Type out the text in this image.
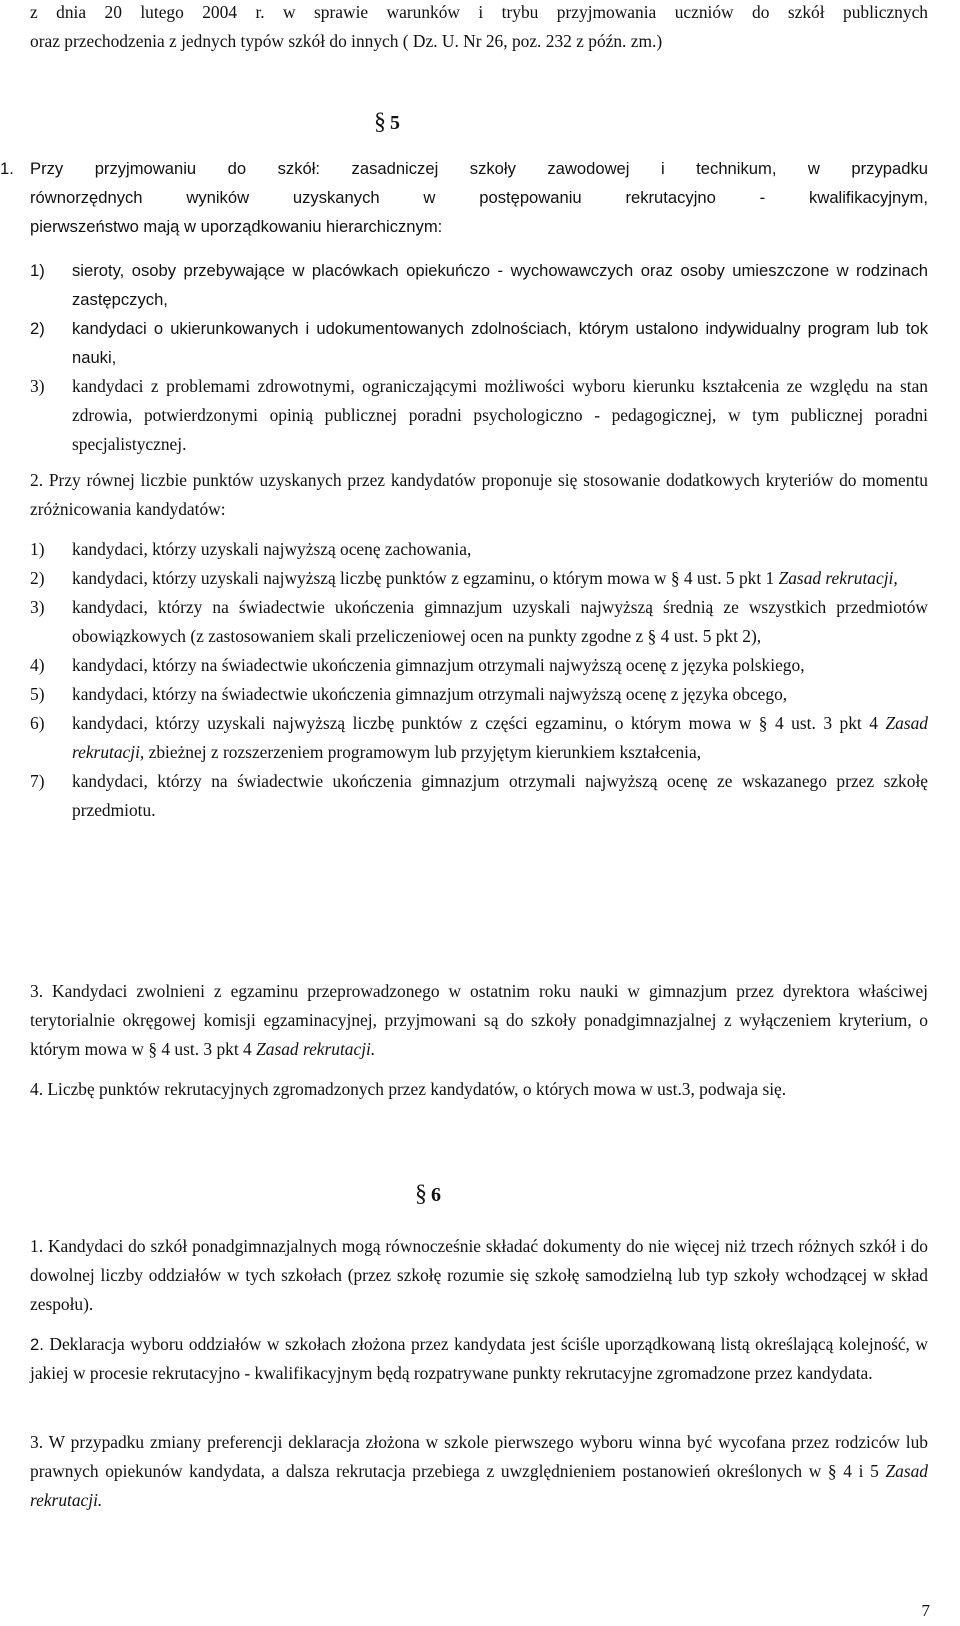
z dnia 20 lutego 2004 r. w sprawie warunków i trybu przyjmowania uczniów do szkół publicznych
oraz przechodzenia z jednych typów szkół do innych ( Dz. U. Nr 26, poz. 232 z późn. zm.)
§ 5
1. Przy przyjmowaniu do szkół: zasadniczej szkoły zawodowej i technikum, w przypadku
równorzędnych wyników uzyskanych w postępowaniu rekrutacyjno - kwalifikacyjnym,
pierwszeństwo mają w uporządkowaniu hierarchicznym:
1) sieroty, osoby przebywające w placówkach opiekuńczo - wychowawczych oraz osoby umieszczone w rodzinach zastępczych,
2) kandydaci o ukierunkowanych i udokumentowanych zdolnościach, którym ustalono indywidualny program lub tok nauki,
3) kandydaci z problemami zdrowotnymi, ograniczającymi możliwości wyboru kierunku kształcenia ze względu na stan zdrowia, potwierdzonymi opinią publicznej poradni psychologiczno - pedagogicznej, w tym publicznej poradni specjalistycznej.
2. Przy równej liczbie punktów uzyskanych przez kandydatów proponuje się stosowanie dodatkowych kryteriów do momentu zróżnicowania kandydatów:
1) kandydaci, którzy uzyskali najwyższą ocenę zachowania,
2) kandydaci, którzy uzyskali najwyższą liczbę punktów z egzaminu, o którym mowa w § 4 ust. 5 pkt 1 Zasad rekrutacji,
3) kandydaci, którzy na świadectwie ukończenia gimnazjum uzyskali najwyższą średnią ze wszystkich przedmiotów obowiązkowych (z zastosowaniem skali przeliczeniowej ocen na punkty zgodne z § 4 ust. 5 pkt 2),
4) kandydaci, którzy na świadectwie ukończenia gimnazjum otrzymali najwyższą ocenę z języka polskiego,
5) kandydaci, którzy na świadectwie ukończenia gimnazjum otrzymali najwyższą ocenę z języka obcego,
6) kandydaci, którzy uzyskali najwyższą liczbę punktów z części egzaminu, o którym mowa w § 4 ust. 3 pkt 4 Zasad rekrutacji, zbieżnej z rozszerzeniem programowym lub przyjętym kierunkiem kształcenia,
7) kandydaci, którzy na świadectwie ukończenia gimnazjum otrzymali najwyższą ocenę ze wskazanego przez szkołę przedmiotu.
3. Kandydaci zwolnieni z egzaminu przeprowadzonego w ostatnim roku nauki w gimnazjum przez dyrektora właściwej terytorialnie okręgowej komisji egzaminacyjnej, przyjmowani są do szkoły ponadgimnazjalnej z wyłączeniem kryterium, o którym mowa w § 4 ust. 3 pkt 4 Zasad rekrutacji.
4. Liczbę punktów rekrutacyjnych zgromadzonych przez kandydatów, o których mowa w ust.3, podwaja się.
§ 6
1. Kandydaci do szkół ponadgimnazjalnych mogą równocześnie składać dokumenty do nie więcej niż trzech różnych szkół i do dowolnej liczby oddziałów w tych szkołach (przez szkołę rozumie się szkołę samodzielną lub typ szkoły wchodzącej w skład zespołu).
2. Deklaracja wyboru oddziałów w szkołach złożona przez kandydata jest ściśle uporządkowaną listą określającą kolejność, w jakiej w procesie rekrutacyjno - kwalifikacyjnym będą rozpatrywane punkty rekrutacyjne zgromadzone przez kandydata.
3. W przypadku zmiany preferencji deklaracja złożona w szkole pierwszego wyboru winna być wycofana przez rodziców lub prawnych opiekunów kandydata, a dalsza rekrutacja przebiega z uwzględnieniem postanowień określonych w § 4 i 5 Zasad rekrutacji.
7
